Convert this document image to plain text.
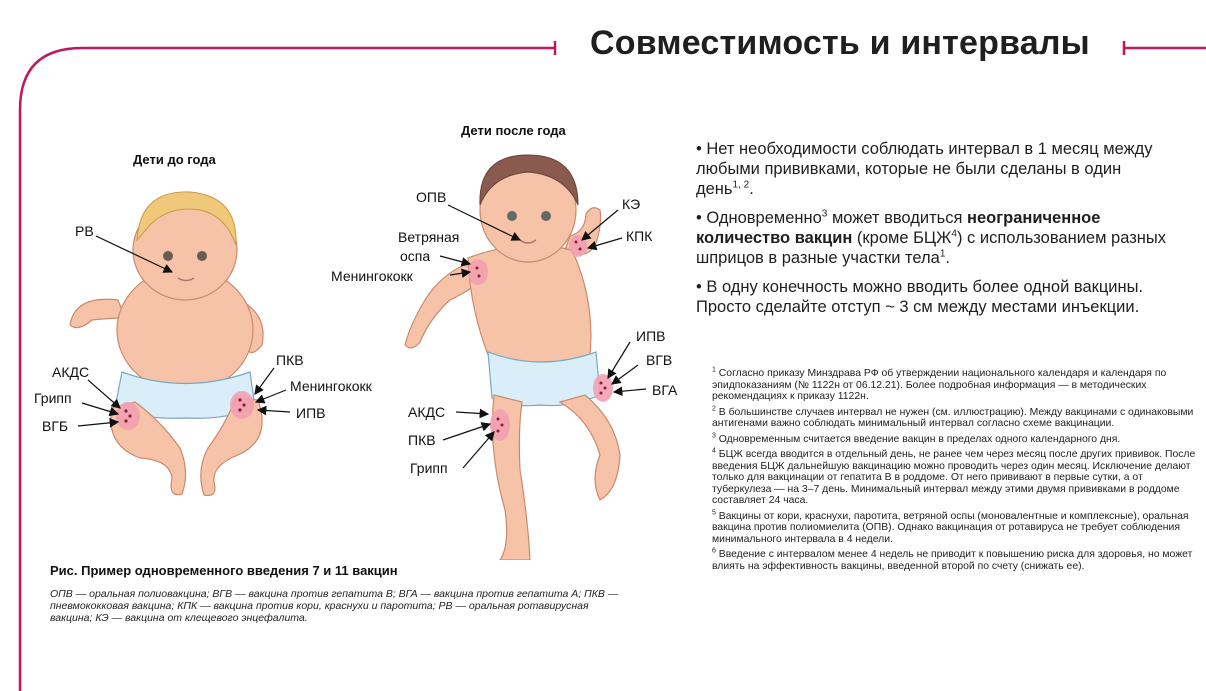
Совместимость и интервалы
Дети до года
Дети после года
РВ
АКДС
Грипп
ВГБ
ПКВ
Менингококк
ИПВ
ОПВ
Ветряная
оспа
Менингококк
КЭ
КПК
ИПВ
ВГВ
ВГА
АКДС
ПКВ
Грипп
Рис. Пример одновременного введения 7 и 11 вакцин
ОПВ — оральная полиовакцина; ВГВ — вакцина против гепатита В; ВГА — вакцина против гепатита А; ПКВ — пневмококковая вакцина; КПК — вакцина против кори, краснухи и паротита; РВ — оральная ротавирусная вакцина; КЭ — вакцина от клещевого энцефалита.

• Нет необходимости соблюдать интервал в 1 месяц между любыми прививками, которые не были сделаны в один день$^{1, 2}$.

• Одновременно$^3$ может вводиться неограниченное количество вакцин (кроме БЦЖ$^4$) с использованием разных шприцов в разные участки тела$^1$.

• В одну конечность можно вводить более одной вакцины. Просто сделайте отступ ~ 3 см между местами инъекции.

$^1$ Согласно приказу Минздрава РФ об утверждении национального календаря и календаря по эпидпоказаниям (№ 1122н от 06.12.21). Более подробная информация — в методических рекомендациях к приказу 1122н.

$^2$ В большинстве случаев интервал не нужен (см. иллюстрацию). Между вакцинами с одинаковыми антигенами важно соблюдать минимальный интервал согласно схеме вакцинации.

$^3$ Одновременным считается введение вакцин в пределах одного календарного дня.

$^4$ БЦЖ всегда вводится в отдельный день, не ранее чем через месяц после других прививок. После введения БЦЖ дальнейшую вакцинацию можно проводить через один месяц. Исключение делают только для вакцинации от гепатита В в роддоме. От него прививают в первые сутки, а от туберкулеза — на 3–7 день. Минимальный интервал между этими двумя прививками в роддоме составляет 24 часа.

$^5$ Вакцины от кори, краснухи, паротита, ветряной оспы (моновалентные и комплексные), оральная вакцина против полиомиелита (ОПВ). Однако вакцинация от ротавируса не требует соблюдения минимального интервала в 4 недели.

$^6$ Введение с интервалом менее 4 недель не приводит к повышению риска для здоровья, но может влиять на эффективность вакцины, введенной второй по счету (снижать ее).
